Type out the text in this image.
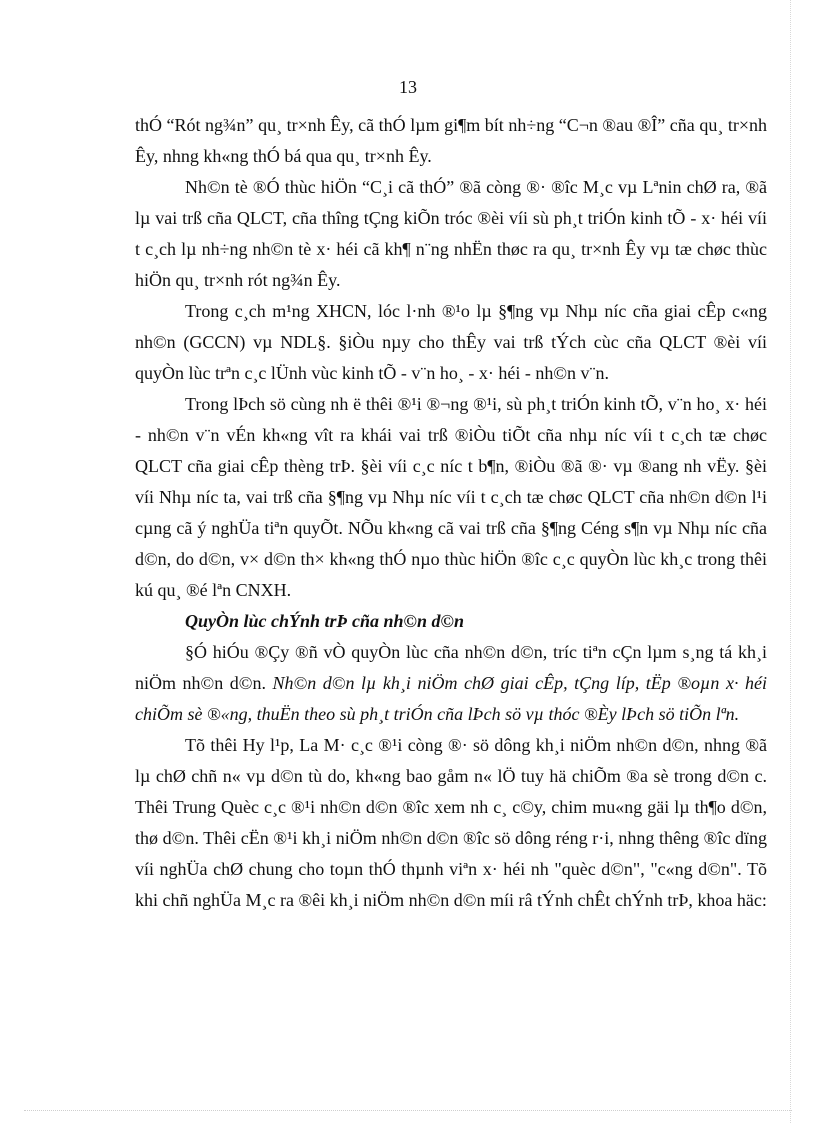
13

thÓ “Rót ng¾n” qu¸ tr×nh Êy, cã thÓ lµm gi¶m bít nh÷ng “C¬n ®au ®Î” cña qu¸ tr×nh Êy, nhng kh«ng thÓ bá qua qu¸ tr×nh Êy.

Nh©n tè ®Ó thùc hiÖn “C¸i cã thÓ” ®ã còng ®· ®îc M¸c vµ Lªnin chØ ra, ®ã lµ vai trß cña QLCT, cña thîng tÇng kiÕn tróc ®èi víi sù ph¸t triÓn kinh tÕ - x· héi víi t c¸ch lµ nh÷ng nh©n tè x· héi cã kh¶ n¨ng nhËn thøc ra qu¸ tr×nh Êy vµ tæ chøc thùc hiÖn qu¸ tr×nh rót ng¾n Êy.

Trong c¸ch m¹ng XHCN, lóc l·nh ®¹o lµ §¶ng vµ Nhµ níc cña giai cÊp c«ng nh©n (GCCN) vµ NDL§. §iÒu nµy cho thÊy vai trß tÝch cùc cña QLCT ®èi víi quyÒn lùc trªn c¸c lÜnh vùc kinh tÕ - v¨n ho¸ - x· héi - nh©n v¨n.

Trong lÞch sö cùng nh ë thêi ®¹i ®¬ng ®¹i, sù ph¸t triÓn kinh tÕ, v¨n ho¸ x· héi - nh©n v¨n vÉn kh«ng vît ra khái vai trß ®iÒu tiÕt cña nhµ níc víi t c¸ch tæ chøc QLCT cña giai cÊp thèng trÞ. §èi víi c¸c níc t b¶n, ®iÒu ®ã ®· vµ ®ang nh vËy. §èi víi Nhµ níc ta, vai trß cña §¶ng vµ Nhµ níc víi t c¸ch tæ chøc QLCT cña nh©n d©n l¹i cµng cã ý nghÜa tiªn quyÕt. NÕu kh«ng cã vai trß cña §¶ng Céng s¶n vµ Nhµ níc cña d©n, do d©n, v× d©n th× kh«ng thÓ nµo thùc hiÖn ®îc c¸c quyÒn lùc kh¸c trong thêi kú qu¸ ®é lªn CNXH.

QuyÒn lùc chÝnh trÞ cña nh©n d©n

§Ó hiÓu ®Çy ®ñ vÒ quyÒn lùc cña nh©n d©n, tríc tiªn cÇn lµm s¸ng tá kh¸i niÖm nh©n d©n. Nh©n d©n lµ kh¸i niÖm chØ giai cÊp, tÇng líp, tËp ®oµn x· héi chiÕm sè ®«ng, thuËn theo sù ph¸t triÓn cña lÞch sö vµ thóc ®Èy lÞch sö tiÕn lªn.

Tõ thêi Hy l¹p, La M· c¸c ®¹i còng ®· sö dông kh¸i niÖm nh©n d©n, nhng ®ã lµ chØ chñ n« vµ d©n tù do, kh«ng bao gåm n« lÖ tuy hä chiÕm ®a sè trong d©n c. Thêi Trung Quèc c¸c ®¹i nh©n d©n ®îc xem nh c¸ c©y, chim mu«ng gäi lµ th¶o d©n, thø d©n. Thêi cËn ®¹i kh¸i niÖm nh©n d©n ®îc sö dông réng r·i, nhng thêng ®îc dïng víi nghÜa chØ chung cho toµn thÓ thµnh viªn x· héi nh "quèc d©n", "c«ng d©n". Tõ khi chñ nghÜa M¸c ra ®êi kh¸i niÖm nh©n d©n míi râ tÝnh chÊt chÝnh trÞ, khoa häc:
